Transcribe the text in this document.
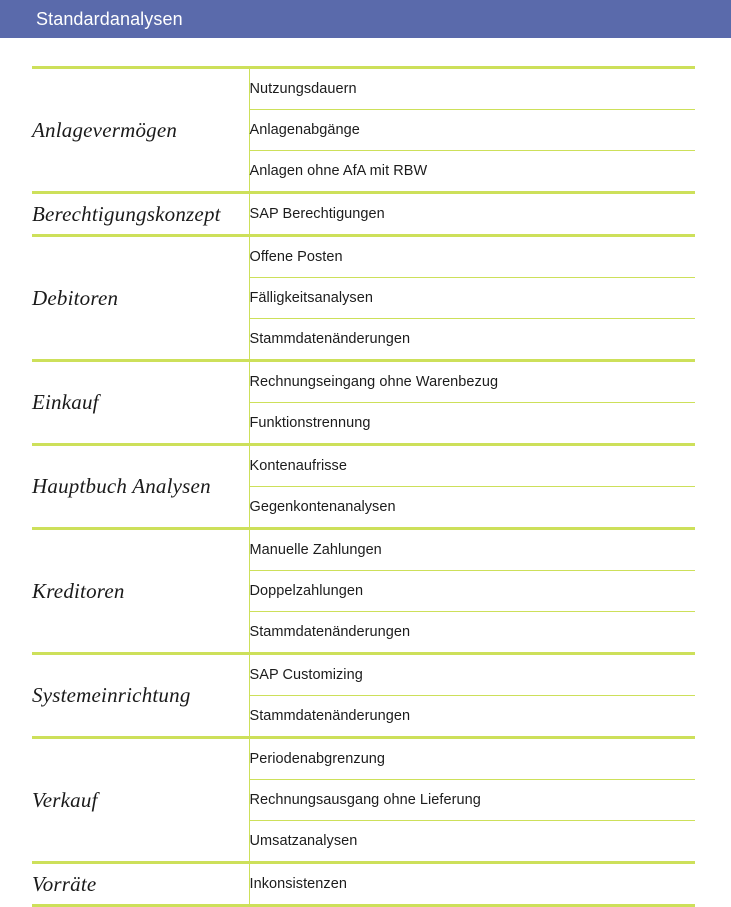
Standardanalysen
Anlagevermögen	Nutzungsdauern
	Anlagenabgänge
	Anlagen ohne AfA mit RBW
Berechtigungskonzept	SAP Berechtigungen
Debitoren	Offene Posten
	Fälligkeitsanalysen
	Stammdatenänderungen
Einkauf	Rechnungseingang ohne Warenbezug
	Funktionstrennung
Hauptbuch Analysen	Kontenaufrisse
	Gegenkontenanalysen
Kreditoren	Manuelle Zahlungen
	Doppelzahlungen
	Stammdatenänderungen
Systemeinrichtung	SAP Customizing
	Stammdatenänderungen
Verkauf	Periodenabgrenzung
	Rechnungsausgang ohne Lieferung
	Umsatzanalysen
Vorräte	Inkonsistenzen
